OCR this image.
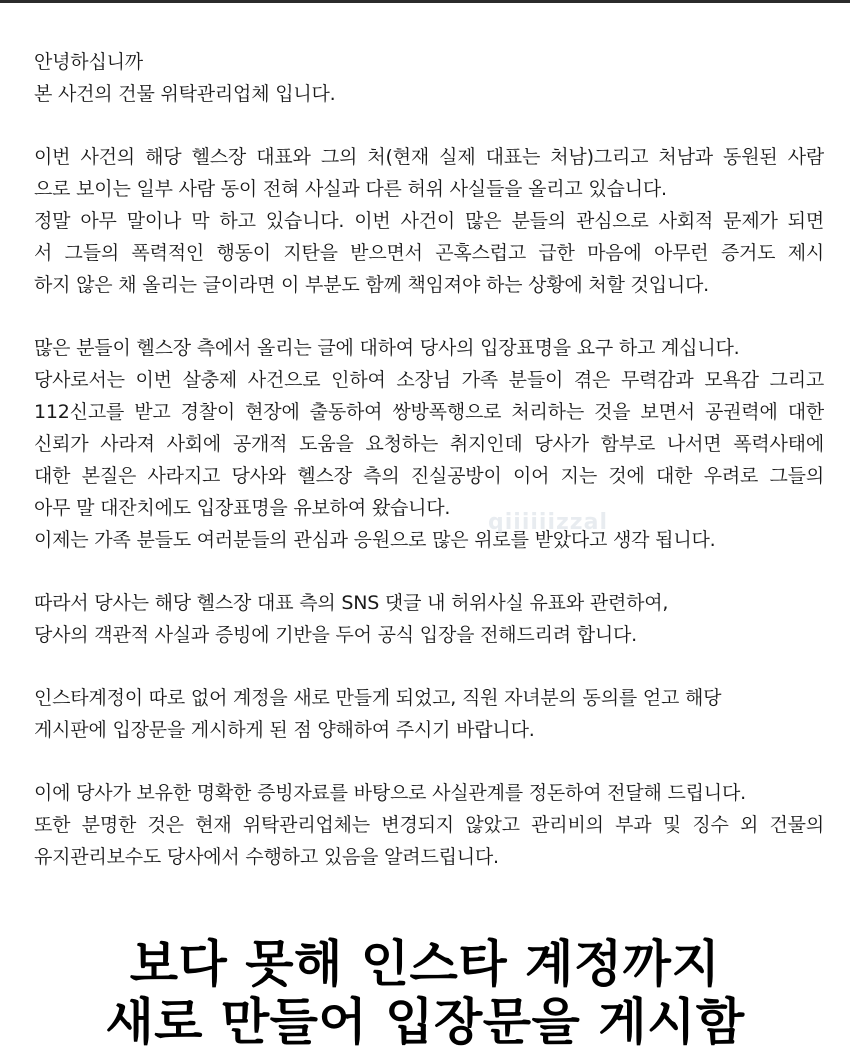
안녕하십니까
본 사건의 건물 위탁관리업체 입니다.
이번 사건의 해당 헬스장 대표와 그의 처(현재 실제 대표는 처남)그리고 처남과 동원된 사람
으로 보이는 일부 사람 동이 전혀 사실과 다른 허위 사실들을 올리고 있습니다.
정말 아무 말이나 막 하고 있습니다. 이번 사건이 많은 분들의 관심으로 사회적 문제가 되면
서 그들의 폭력적인 행동이 지탄을 받으면서 곤혹스럽고 급한 마음에 아무런 증거도 제시
하지 않은 채 올리는 글이라면 이 부분도 함께 책임져야 하는 상황에 처할 것입니다.
많은 분들이 헬스장 측에서 올리는 글에 대하여 당사의 입장표명을 요구 하고 계십니다.
당사로서는 이번 살충제 사건으로 인하여 소장님 가족 분들이 겪은 무력감과 모욕감 그리고
112신고를 받고 경찰이 현장에 출동하여 쌍방폭행으로 처리하는 것을 보면서 공권력에 대한
신뢰가 사라져 사회에 공개적 도움을 요청하는 취지인데 당사가 함부로 나서면 폭력사태에
대한 본질은 사라지고 당사와 헬스장 측의 진실공방이 이어 지는 것에 대한 우려로 그들의
아무 말 대잔치에도 입장표명을 유보하여 왔습니다.
이제는 가족 분들도 여러분들의 관심과 응원으로 많은 위로를 받았다고 생각 됩니다.
따라서 당사는 해당 헬스장 대표 측의 SNS 댓글 내 허위사실 유표와 관련하여,
당사의 객관적 사실과 증빙에 기반을 두어 공식 입장을 전해드리려 합니다.
인스타계정이 따로 없어 계정을 새로 만들게 되었고, 직원 자녀분의 동의를 얻고 해당
게시판에 입장문을 게시하게 된 점 양해하여 주시기 바랍니다.
이에 당사가 보유한 명확한 증빙자료를 바탕으로 사실관계를 정돈하여 전달해 드립니다.
또한 분명한 것은 현재 위탁관리업체는 변경되지 않았고 관리비의 부과 및 징수 외 건물의
유지관리보수도 당사에서 수행하고 있음을 알려드립니다.
qiiiiiizzal
보다 못해 인스타 계정까지
새로 만들어 입장문을 게시함
